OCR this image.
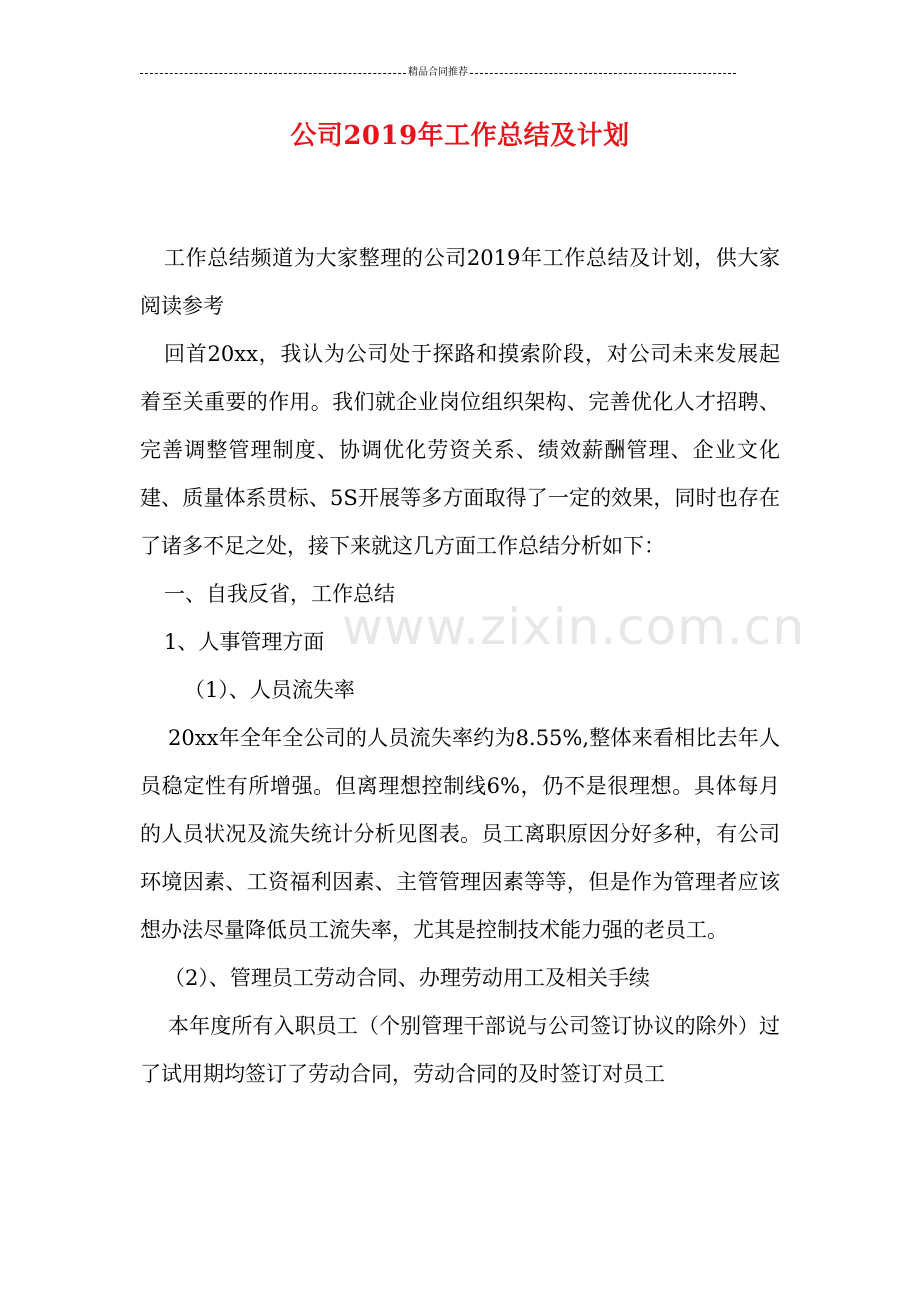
精品合同推荐
公司2019年工作总结及计划
www.zixin.com.cn

工作总结频道为大家整理的公司2019年工作总结及计划，供大家阅读参考

回首20xx，我认为公司处于探路和摸索阶段，对公司未来发展起着至关重要的作用。我们就企业岗位组织架构、完善优化人才招聘、完善调整管理制度、协调优化劳资关系、绩效薪酬管理、企业文化建、质量体系贯标、5S开展等多方面取得了一定的效果，同时也存在了诸多不足之处，接下来就这几方面工作总结分析如下：

一、自我反省，工作总结

1、人事管理方面

（1）、人员流失率

20xx年全年全公司的人员流失率约为8.55%,整体来看相比去年人员稳定性有所增强。但离理想控制线6%，仍不是很理想。具体每月的人员状况及流失统计分析见图表。员工离职原因分好多种，有公司环境因素、工资福利因素、主管管理因素等等，但是作为管理者应该想办法尽量降低员工流失率，尤其是控制技术能力强的老员工。

（2）、管理员工劳动合同、办理劳动用工及相关手续

本年度所有入职员工（个别管理干部说与公司签订协议的除外）过了试用期均签订了劳动合同，劳动合同的及时签订对员工
